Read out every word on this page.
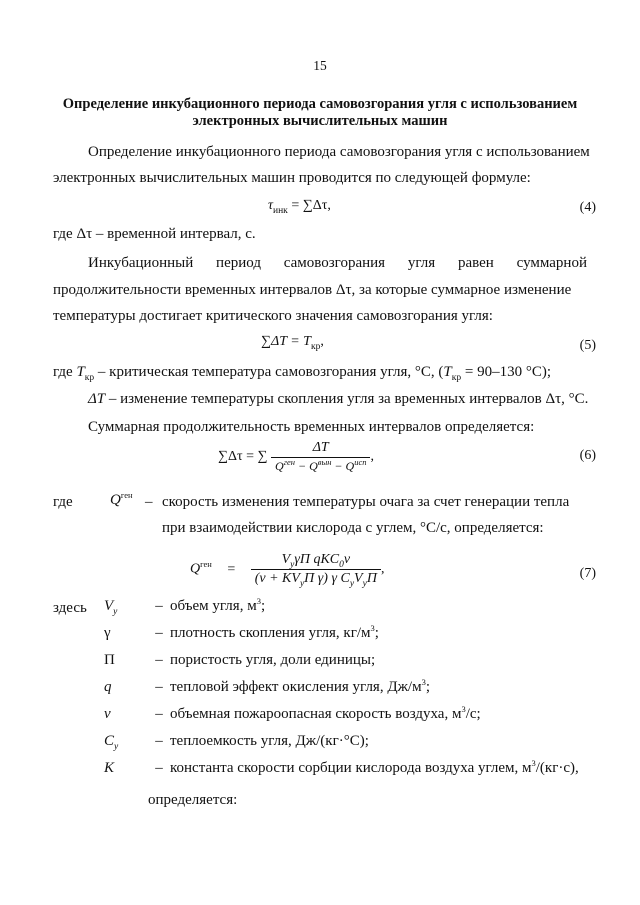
15
Определение инкубационного периода самовозгорания угля с использованием электронных вычислительных машин
Определение инкубационного периода самовозгорания угля с использованием
электронных вычислительных машин проводится по следующей формуле:
$\tau_{инк} = \sum\Delta\tau$,	(4)
где Δτ – временной интервал, с.
Инкубационный период самовозгорания угля равен суммарной
продолжительности временных интервалов Δτ, за которые суммарное изменение
температуры достигает критического значения самовозгорания угля:
$\sum\Delta T = T_{кр}$,	(5)
где $T_{кр}$ – критическая температура самовозгорания угля, °С, ($T_{кр} = 90-130$ °С);
ΔT – изменение температуры скопления угля за временных интервалов Δτ, °С.
Суммарная продолжительность временных интервалов определяется:
∑Δτ = ∑ $\frac{\Delta T}{Q^{ген} - Q^{вын} - Q^{исп}}$ ,	(6)
где $Q^{ген}$ – скорость изменения температуры очага за счет генерации тепла
при взаимодействии кислорода с углем, °С/с, определяется:
$Q^{ген} = \frac{V_у\gamma\Pi qKC_0v}{(v + KV_у\Pi \gamma) \gamma C_уV_у\Pi}$ ,	(7)
здесь $V_у$	– объем угля, $м^3$;
γ	– плотность скопления угля, $кг/м^3$;
Π	– пористость угля, доли единицы;
q	– тепловой эффект окисления угля, $Дж/м^3$;
v	– объемная пожароопасная скорость воздуха, $м^3/с$;
$C_у$ – теплоемкость угля, Дж/(кг·°С);
K	– константа скорости сорбции кислорода воздуха углем, $м^3/(кг\cdot с)$,
определяется:
